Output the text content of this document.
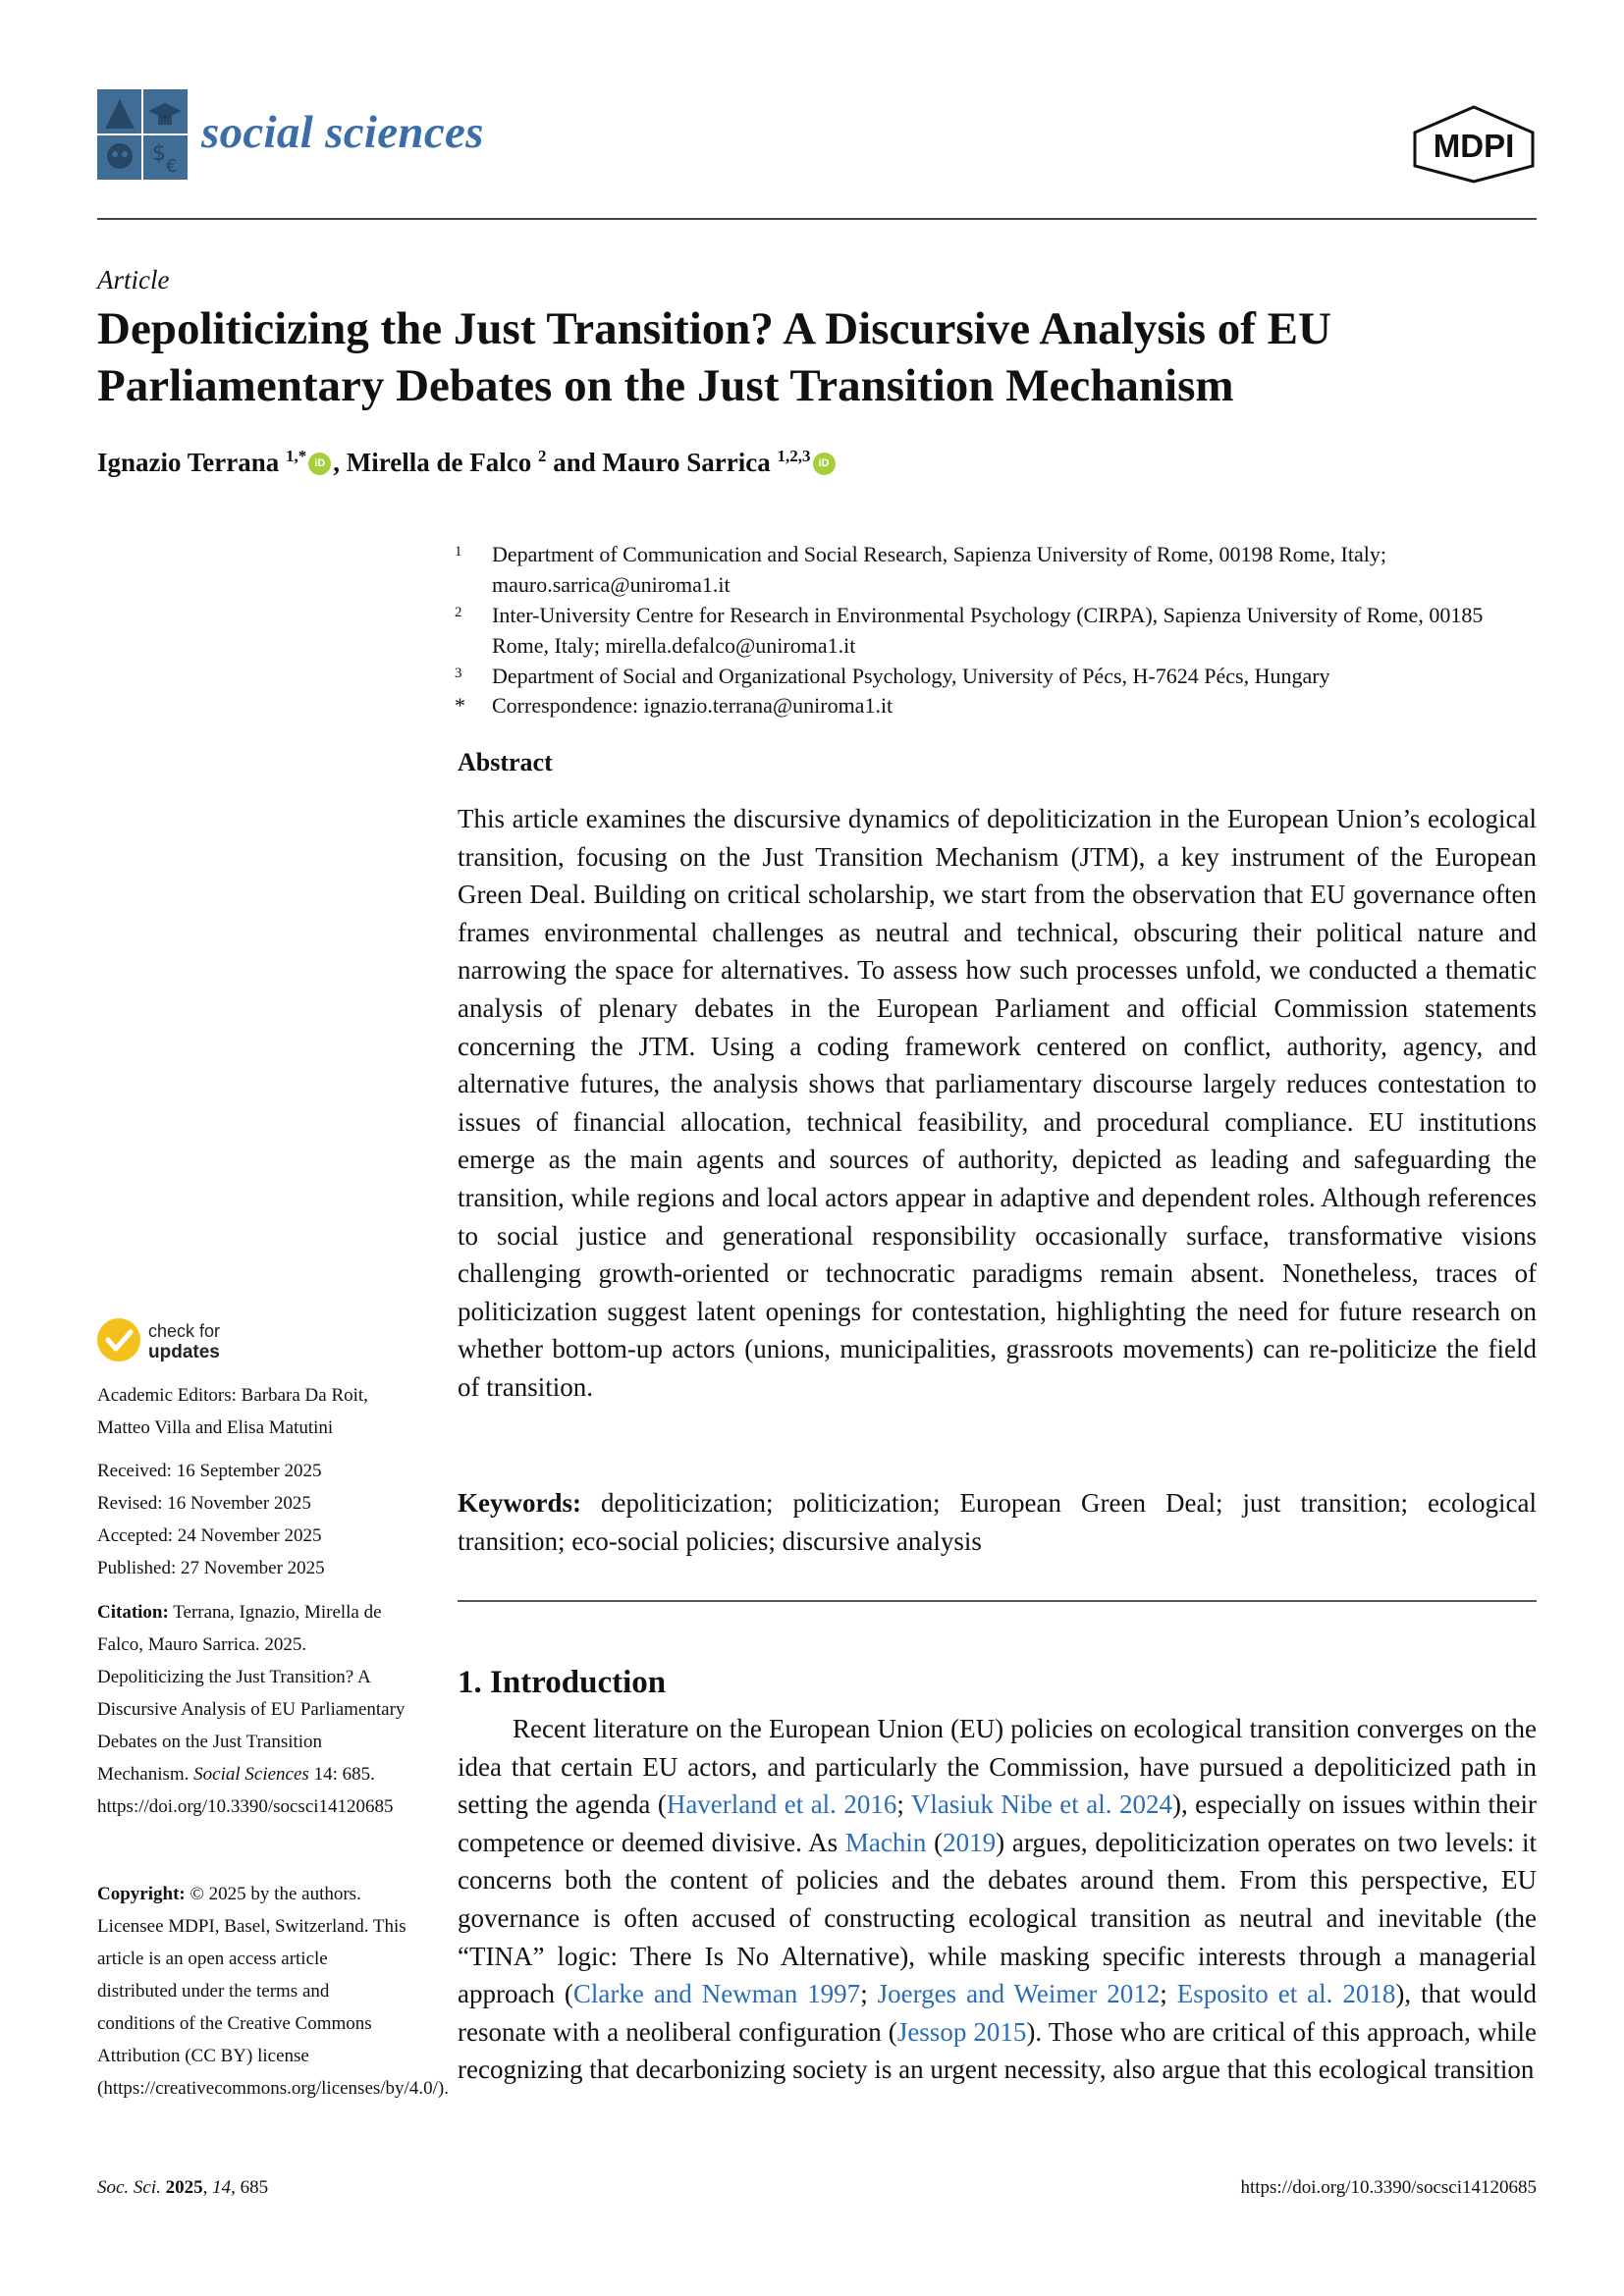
$
€
social sciences	MDPI
Article
Depoliticizing the Just Transition? A Discursive Analysis of EU Parliamentary Debates on the Just Transition Mechanism
Ignazio Terrana $^{1,*}$ iD , Mirella de Falco $^2$ and Mauro Sarrica $^{1,2,3}$ iD
1 Department of Communication and Social Research, Sapienza University of Rome, 00198 Rome, Italy; mauro.sarrica@uniroma1.it
2 Inter-University Centre for Research in Environmental Psychology (CIRPA), Sapienza University of Rome, 00185 Rome, Italy; mirella.defalco@uniroma1.it
3 Department of Social and Organizational Psychology, University of Pécs, H-7624 Pécs, Hungary
* Correspondence: ignazio.terrana@uniroma1.it
Abstract

This article examines the discursive dynamics of depoliticization in the European Union’s ecological transition, focusing on the Just Transition Mechanism (JTM), a key instrument of the European Green Deal. Building on critical scholarship, we start from the observation that EU governance often frames environmental challenges as neutral and technical, obscuring their political nature and narrowing the space for alternatives. To assess how such processes unfold, we conducted a thematic analysis of plenary debates in the European Parliament and official Commission statements concerning the JTM. Using a coding framework centered on conflict, authority, agency, and alternative futures, the analysis shows that parliamentary discourse largely reduces contestation to issues of financial allocation, technical feasibility, and procedural compliance. EU institutions emerge as the main agents and sources of authority, depicted as leading and safeguarding the transition, while regions and local actors appear in adaptive and dependent roles. Although references to social justice and generational responsibility occasionally surface, transformative visions challenging growth-oriented or technocratic paradigms remain absent. Nonetheless, traces of politicization suggest latent openings for contestation, highlighting the need for future research on whether bottom-up actors (unions, municipalities, grassroots movements) can re-politicize the field of transition.

Keywords: depoliticization; politicization; European Green Deal; just transition; ecological transition; eco-social policies; discursive analysis

1. Introduction

Recent literature on the European Union (EU) policies on ecological transition converges on the idea that certain EU actors, and particularly the Commission, have pursued a depoliticized path in setting the agenda (Haverland et al. 2016; Vlasiuk Nibe et al. 2024), especially on issues within their competence or deemed divisive. As Machin (2019) argues, depoliticization operates on two levels: it concerns both the content of policies and the debates around them. From this perspective, EU governance is often accused of constructing ecological transition as neutral and inevitable (the “TINA” logic: There Is No Alternative), while masking specific interests through a managerial approach (Clarke and Newman 1997; Joerges and Weimer 2012; Esposito et al. 2018), that would resonate with a neoliberal configuration (Jessop 2015). Those who are critical of this approach, while recognizing that decarbonizing society is an urgent necessity, also argue that this ecological transition

check for
updates
Academic Editors: Barbara Da Roit, Matteo Villa and Elisa Matutini
Received: 16 September 2025
Revised: 16 November 2025
Accepted: 24 November 2025
Published: 27 November 2025
Citation: Terrana, Ignazio, Mirella de Falco, Mauro Sarrica. 2025. Depoliticizing the Just Transition? A Discursive Analysis of EU Parliamentary Debates on the Just Transition Mechanism. Social Sciences 14: 685. https://doi.org/10.3390/socsci14120685
Copyright: © 2025 by the authors. Licensee MDPI, Basel, Switzerland. This article is an open access article distributed under the terms and conditions of the Creative Commons Attribution (CC BY) license (https://creativecommons.org/licenses/by/4.0/).
Soc. Sci. 2025, 14, 685	https://doi.org/10.3390/socsci14120685
